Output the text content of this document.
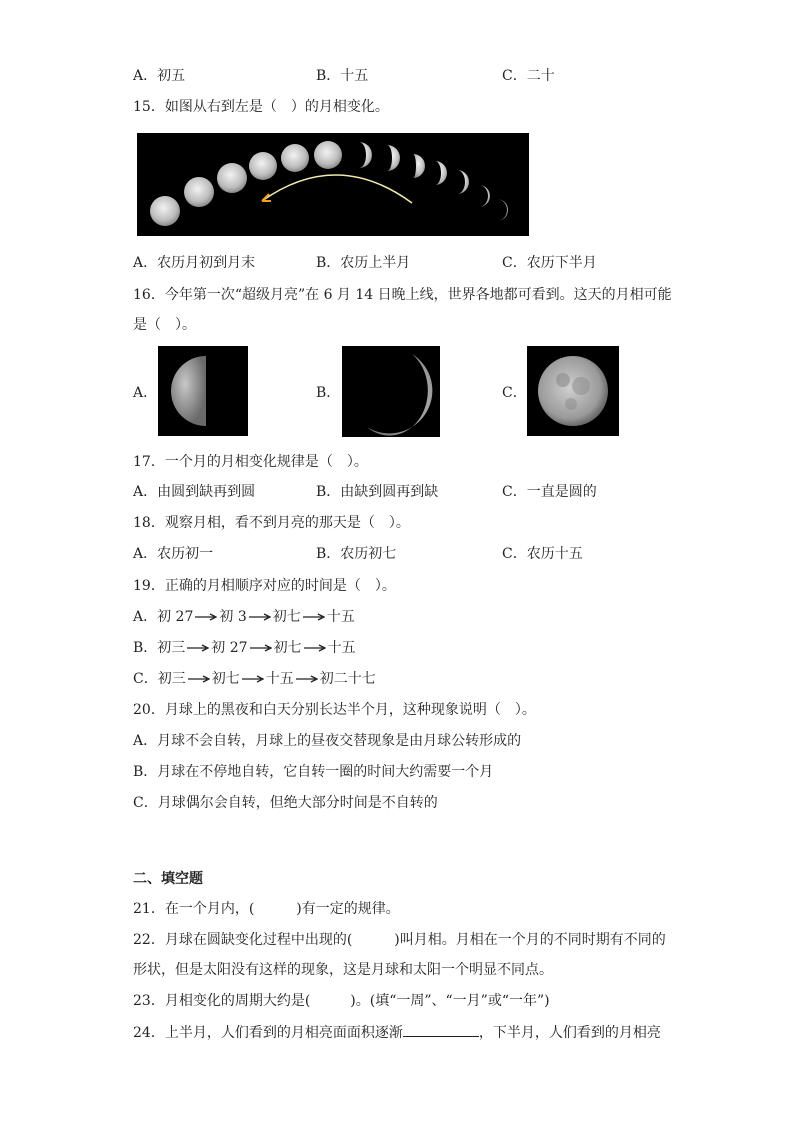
A．初五	B．十五	C．二十
15．如图从右到左是（　）的月相变化。
A．农历月初到月末	B．农历上半月	C．农历下半月
16．今年第一次“超级月亮”在 6 月 14 日晚上线，世界各地都可看到。这天的月相可能
是（　）。
A．	B．	C．
17．一个月的月相变化规律是（　）。
A．由圆到缺再到圆	B．由缺到圆再到缺	C．一直是圆的
18．观察月相，看不到月亮的那天是（　）。
A．农历初一	B．农历初七	C．农历十五
19．正确的月相顺序对应的时间是（　）。
A．初 27 初 3 初七 十五
B．初三 初 27 初七 十五
C．初三 初七 十五 初二十七
20．月球上的黑夜和白天分别长达半个月，这种现象说明（　）。
A．月球不会自转，月球上的昼夜交替现象是由月球公转形成的
B．月球在不停地自转，它自转一圈的时间大约需要一个月
C．月球偶尔会自转，但绝大部分时间是不自转的
二、填空题
21．在一个月内，(	)有一定的规律。
22．月球在圆缺变化过程中出现的(	)叫月相。月相在一个月的不同时期有不同的
形状，但是太阳没有这样的现象，这是月球和太阳一个明显不同点。
23．月相变化的周期大约是(	)。(填“一周”、“一月”或“一年”)
24．上半月，人们看到的月相亮面面积逐渐	，下半月，人们看到的月相亮
